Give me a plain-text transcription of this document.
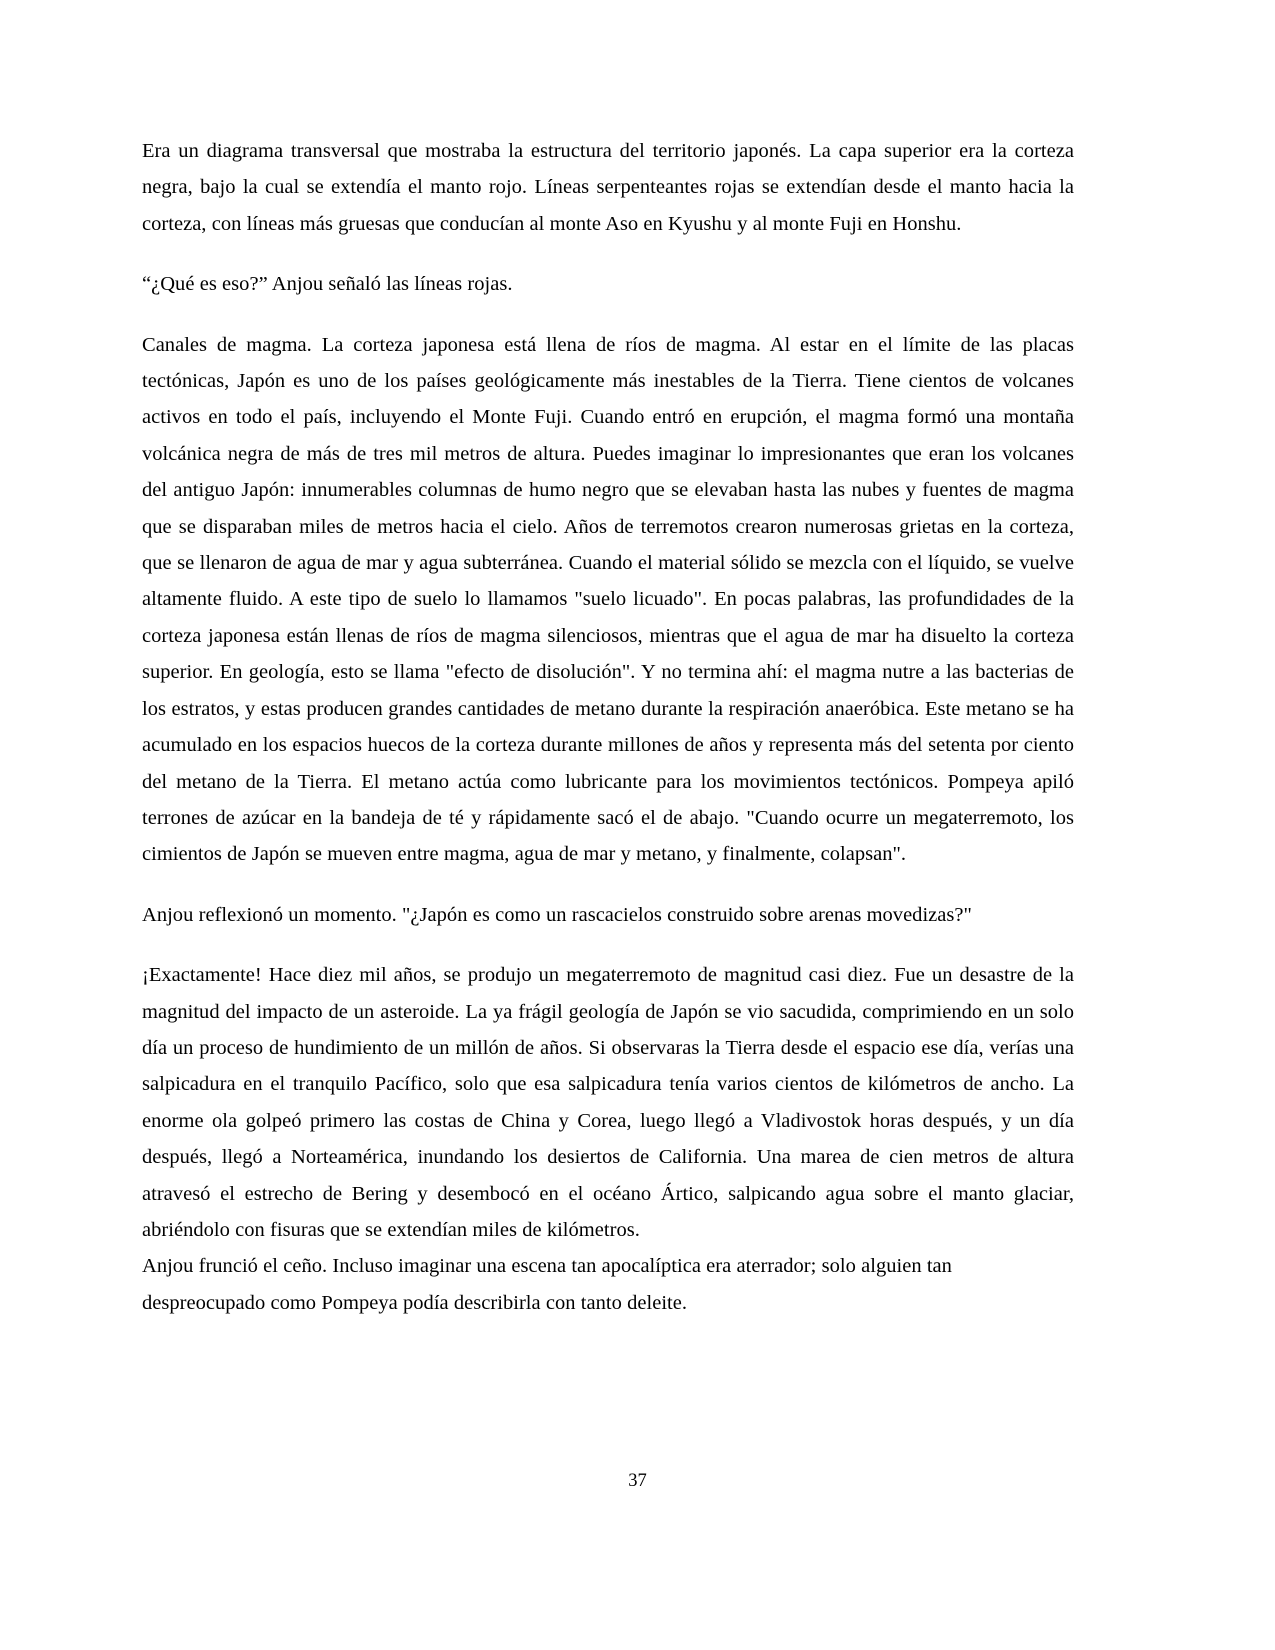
Era un diagrama transversal que mostraba la estructura del territorio japonés. La capa superior era la corteza negra, bajo la cual se extendía el manto rojo. Líneas serpenteantes rojas se extendían desde el manto hacia la corteza, con líneas más gruesas que conducían al monte Aso en Kyushu y al monte Fuji en Honshu.

“¿Qué es eso?” Anjou señaló las líneas rojas.

Canales de magma. La corteza japonesa está llena de ríos de magma. Al estar en el límite de las placas tectónicas, Japón es uno de los países geológicamente más inestables de la Tierra. Tiene cientos de volcanes activos en todo el país, incluyendo el Monte Fuji. Cuando entró en erupción, el magma formó una montaña volcánica negra de más de tres mil metros de altura. Puedes imaginar lo impresionantes que eran los volcanes del antiguo Japón: innumerables columnas de humo negro que se elevaban hasta las nubes y fuentes de magma que se disparaban miles de metros hacia el cielo. Años de terremotos crearon numerosas grietas en la corteza, que se llenaron de agua de mar y agua subterránea. Cuando el material sólido se mezcla con el líquido, se vuelve altamente fluido. A este tipo de suelo lo llamamos "suelo licuado". En pocas palabras, las profundidades de la corteza japonesa están llenas de ríos de magma silenciosos, mientras que el agua de mar ha disuelto la corteza superior. En geología, esto se llama "efecto de disolución". Y no termina ahí: el magma nutre a las bacterias de los estratos, y estas producen grandes cantidades de metano durante la respiración anaeróbica. Este metano se ha acumulado en los espacios huecos de la corteza durante millones de años y representa más del setenta por ciento del metano de la Tierra. El metano actúa como lubricante para los movimientos tectónicos. Pompeya apiló terrones de azúcar en la bandeja de té y rápidamente sacó el de abajo. "Cuando ocurre un megaterremoto, los cimientos de Japón se mueven entre magma, agua de mar y metano, y finalmente, colapsan".

Anjou reflexionó un momento. "¿Japón es como un rascacielos construido sobre arenas movedizas?"

¡Exactamente! Hace diez mil años, se produjo un megaterremoto de magnitud casi diez. Fue un desastre de la magnitud del impacto de un asteroide. La ya frágil geología de Japón se vio sacudida, comprimiendo en un solo día un proceso de hundimiento de un millón de años. Si observaras la Tierra desde el espacio ese día, verías una salpicadura en el tranquilo Pacífico, solo que esa salpicadura tenía varios cientos de kilómetros de ancho. La enorme ola golpeó primero las costas de China y Corea, luego llegó a Vladivostok horas después, y un día después, llegó a Norteamérica, inundando los desiertos de California. Una marea de cien metros de altura atravesó el estrecho de Bering y desembocó en el océano Ártico, salpicando agua sobre el manto glaciar, abriéndolo con fisuras que se extendían miles de kilómetros.

Anjou frunció el ceño. Incluso imaginar una escena tan apocalíptica era aterrador; solo alguien tan despreocupado como Pompeya podía describirla con tanto deleite.

37
